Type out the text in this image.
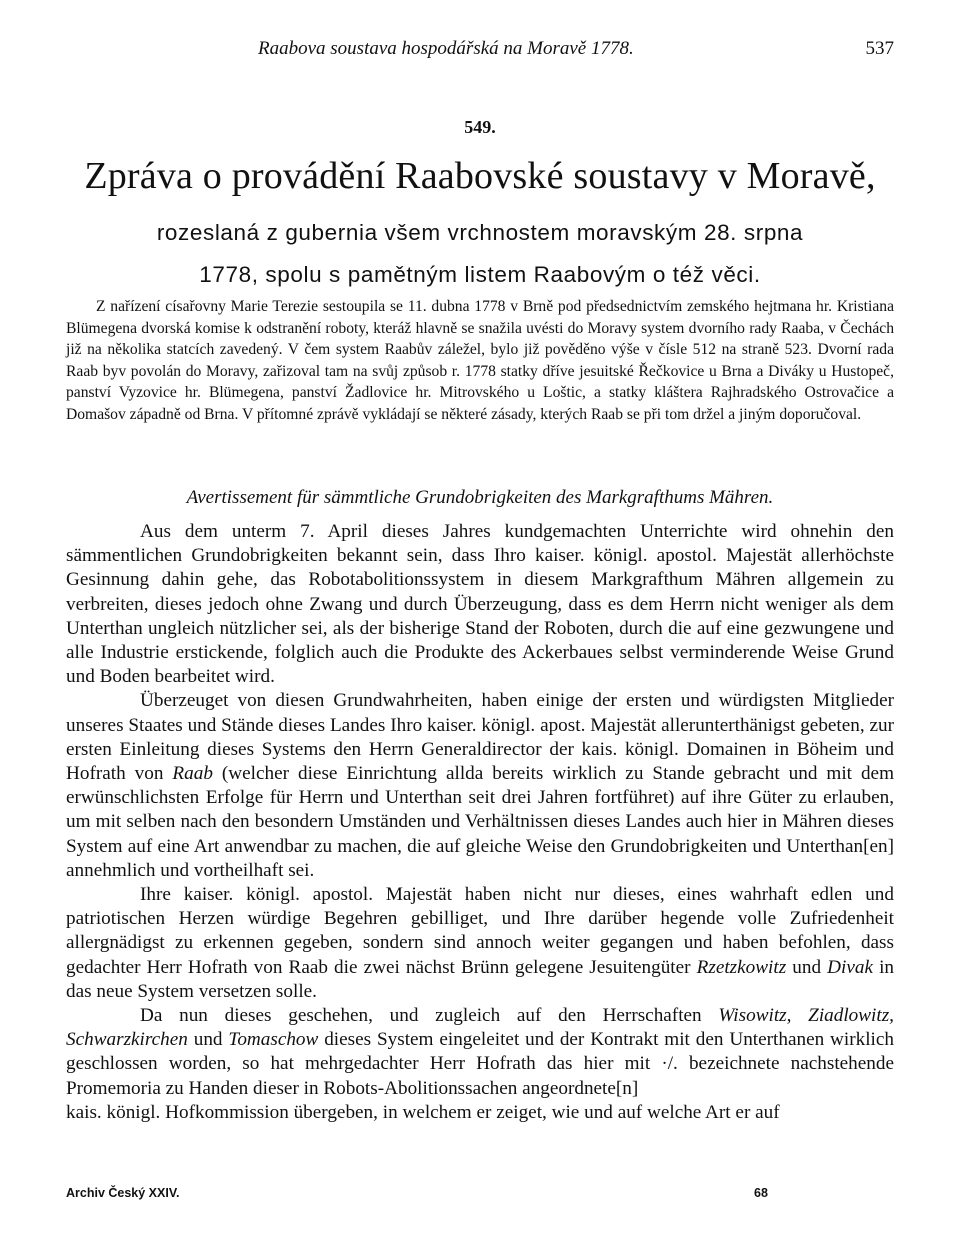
Raabova soustava hospodářská na Moravě 1778.	537
549.
Zpráva o provádění Raabovské soustavy v Moravě,
rozeslaná z gubernia všem vrchnostem moravským 28. srpna
1778, spolu s pamětným listem Raabovým o též věci.
Z nařízení císařovny Marie Terezie sestoupila se 11. dubna 1778 v Brně pod předsednictvím zemského hejtmana hr. Kristiana Blümegena dvorská komise k odstranění roboty, kteráž hlavně se snažila uvésti do Moravy system dvorního rady Raaba, v Čechách již na několika statcích zavedený. V čem system Raabův záležel, bylo již pověděno výše v čísle 512 na straně 523. Dvorní rada Raab byv povolán do Moravy, zařizoval tam na svůj způsob r. 1778 statky dříve jesuitské Řečkovice u Brna a Diváky u Hustopeč, panství Vyzovice hr. Blümegena, panství Žadlovice hr. Mitrovského u Loštic, a statky kláštera Rajhradského Ostrovačice a Domašov západně od Brna. V přítomné zprávě vykládají se některé zásady, kterých Raab se při tom držel a jiným doporučoval.
Avertissement für sämmtliche Grundobrigkeiten des Markgrafthums Mähren.

Aus dem unterm 7. April dieses Jahres kundgemachten Unterrichte wird ohnehin den sämmentlichen Grundobrigkeiten bekannt sein, dass Ihro kaiser. königl. apostol. Majestät allerhöchste Gesinnung dahin gehe, das Robotabolitionssystem in diesem Markgrafthum Mähren allgemein zu verbreiten, dieses jedoch ohne Zwang und durch Überzeugung, dass es dem Herrn nicht weniger als dem Unterthan ungleich nützlicher sei, als der bisherige Stand der Roboten, durch die auf eine gezwungene und alle Industrie erstickende, folglich auch die Produkte des Ackerbaues selbst verminderende Weise Grund und Boden bearbeitet wird.

Überzeuget von diesen Grundwahrheiten, haben einige der ersten und würdigsten Mitglieder unseres Staates und Stände dieses Landes Ihro kaiser. königl. apost. Majestät allerunterthänigst gebeten, zur ersten Einleitung dieses Systems den Herrn Generaldirector der kais. königl. Domainen in Böheim und Hofrath von Raab (welcher diese Einrichtung allda bereits wirklich zu Stande gebracht und mit dem erwünschlichsten Erfolge für Herrn und Unterthan seit drei Jahren fortführet) auf ihre Güter zu erlauben, um mit selben nach den besondern Umständen und Verhältnissen dieses Landes auch hier in Mähren dieses System auf eine Art anwendbar zu machen, die auf gleiche Weise den Grundobrigkeiten und Unterthan[en] annehmlich und vortheilhaft sei.

Ihre kaiser. königl. apostol. Majestät haben nicht nur dieses, eines wahrhaft edlen und patriotischen Herzen würdige Begehren gebilliget, und Ihre darüber hegende volle Zufriedenheit allergnädigst zu erkennen gegeben, sondern sind annoch weiter gegangen und haben befohlen, dass gedachter Herr Hofrath von Raab die zwei nächst Brünn gelegene Jesuitengüter Rzetzkowitz und Divak in das neue System versetzen solle.

Da nun dieses geschehen, und zugleich auf den Herrschaften Wisowitz, Ziadlowitz, Schwarzkirchen und Tomaschow dieses System eingeleitet und der Kontrakt mit den Unterthanen wirklich geschlossen worden, so hat mehrgedachter Herr Hofrath das hier mit ·/. bezeichnete nachstehende Promemoria zu Handen dieser in Robots-Abolitionssachen angeordnete[n]

kais. königl. Hofkommission übergeben, in welchem er zeiget, wie und auf welche Art er auf

Archiv Český XXIV.	68
